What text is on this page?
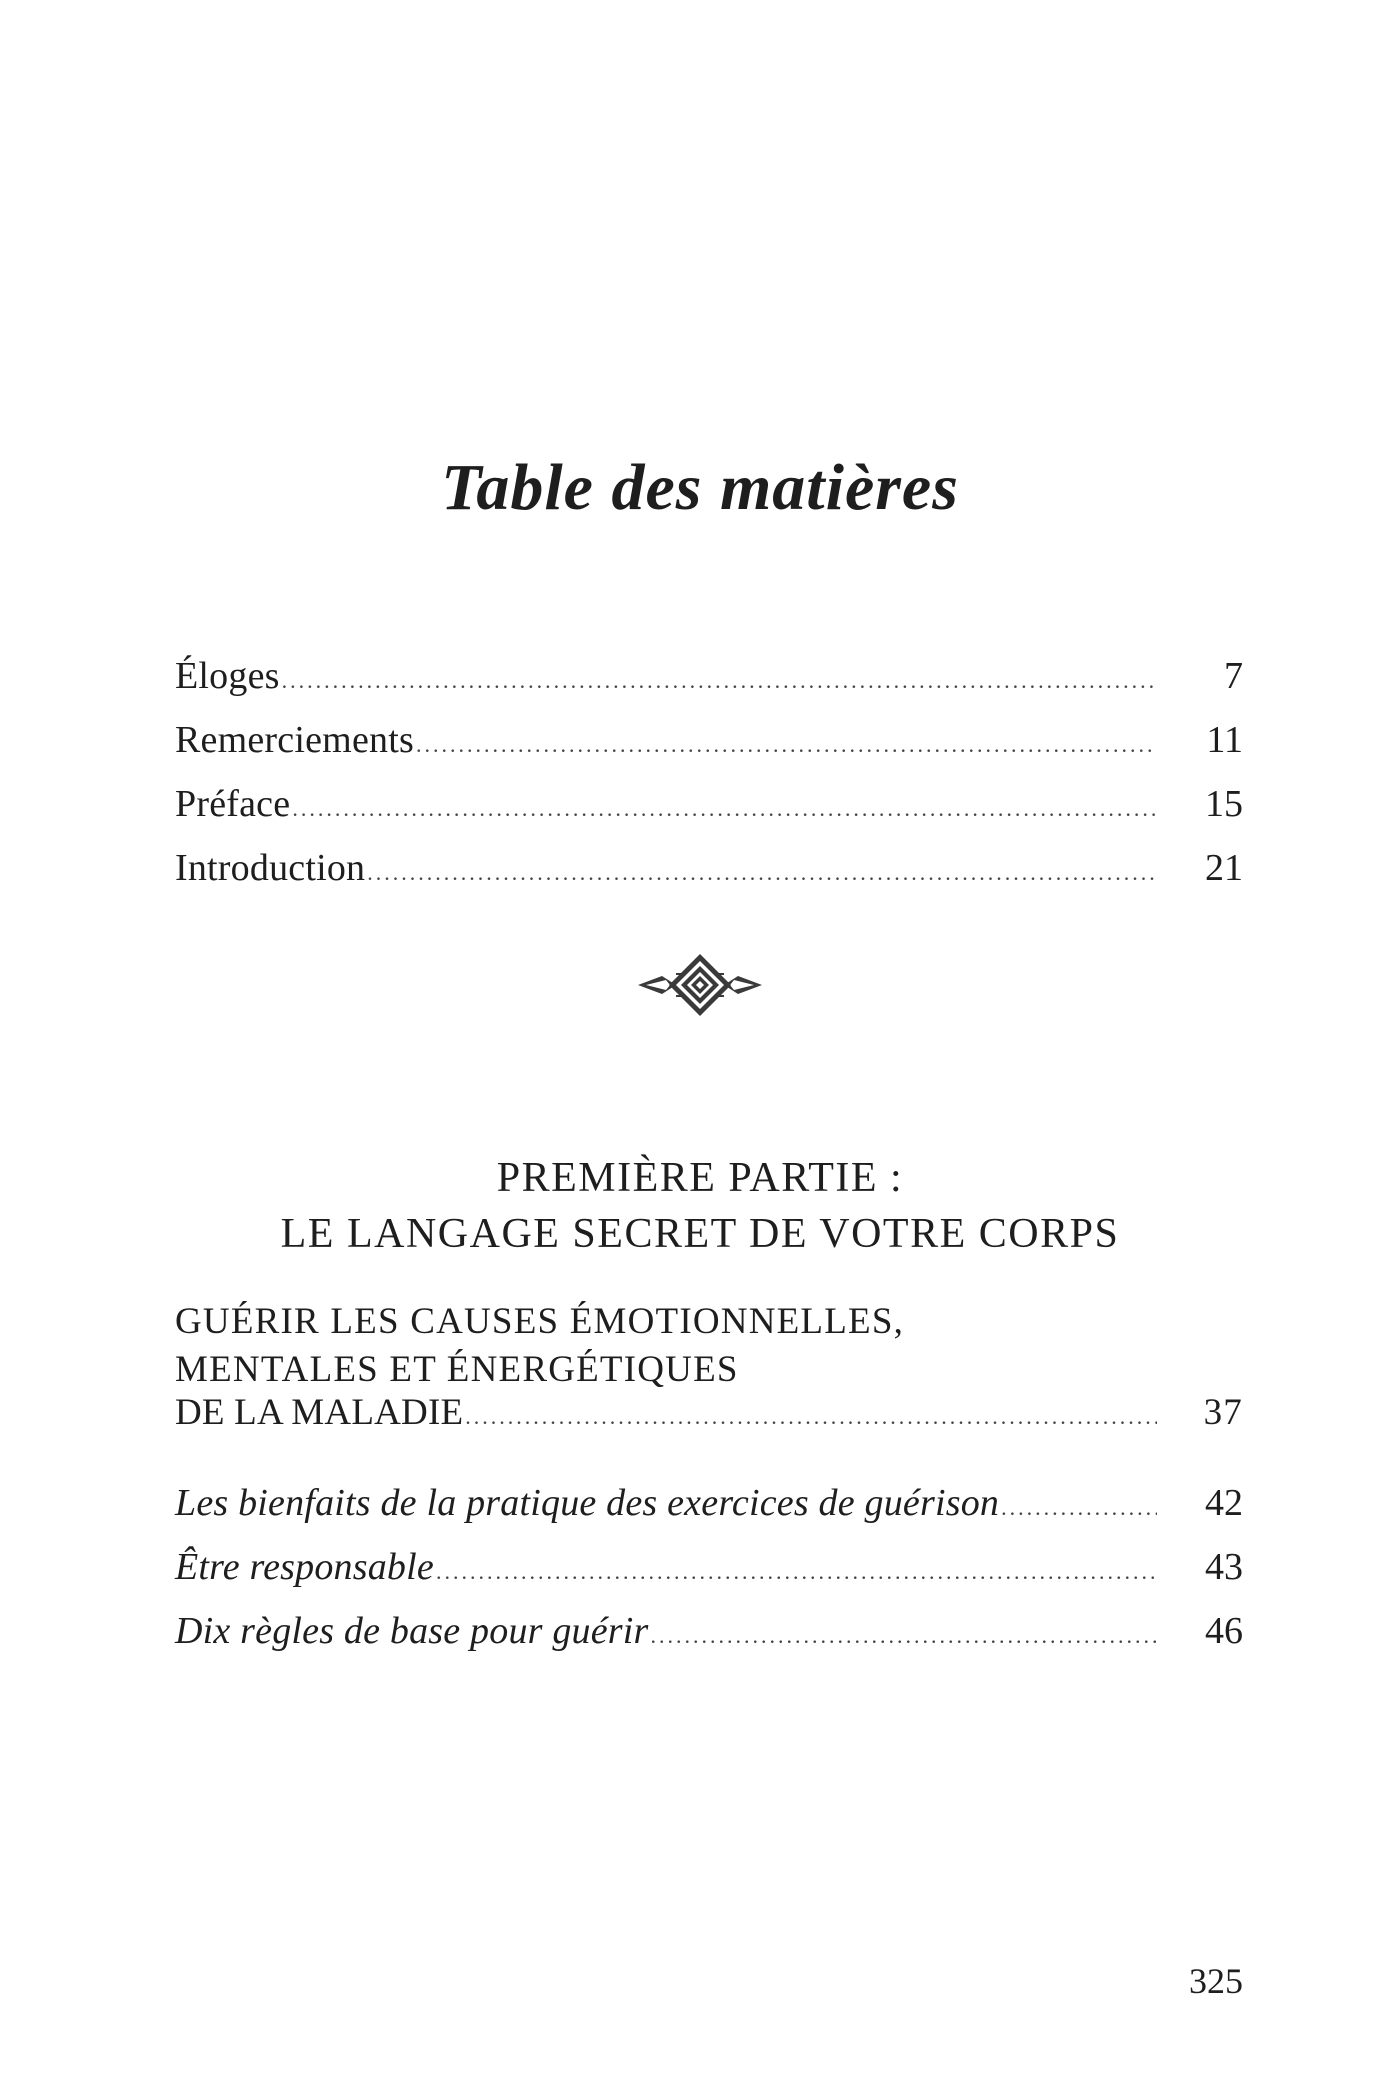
Table des matières
Éloges .....	7
Remerciements .....	11
Préface .....	15
Introduction .....	21
PREMIÈRE PARTIE :
LE LANGAGE SECRET DE VOTRE CORPS
GUÉRIR LES CAUSES ÉMOTIONNELLES,
MENTALES ET ÉNERGÉTIQUES
DE LA MALADIE .....	37
Les bienfaits de la pratique des exercices de guérison .....	42
Être responsable .....	43
Dix règles de base pour guérir .....	46
325
